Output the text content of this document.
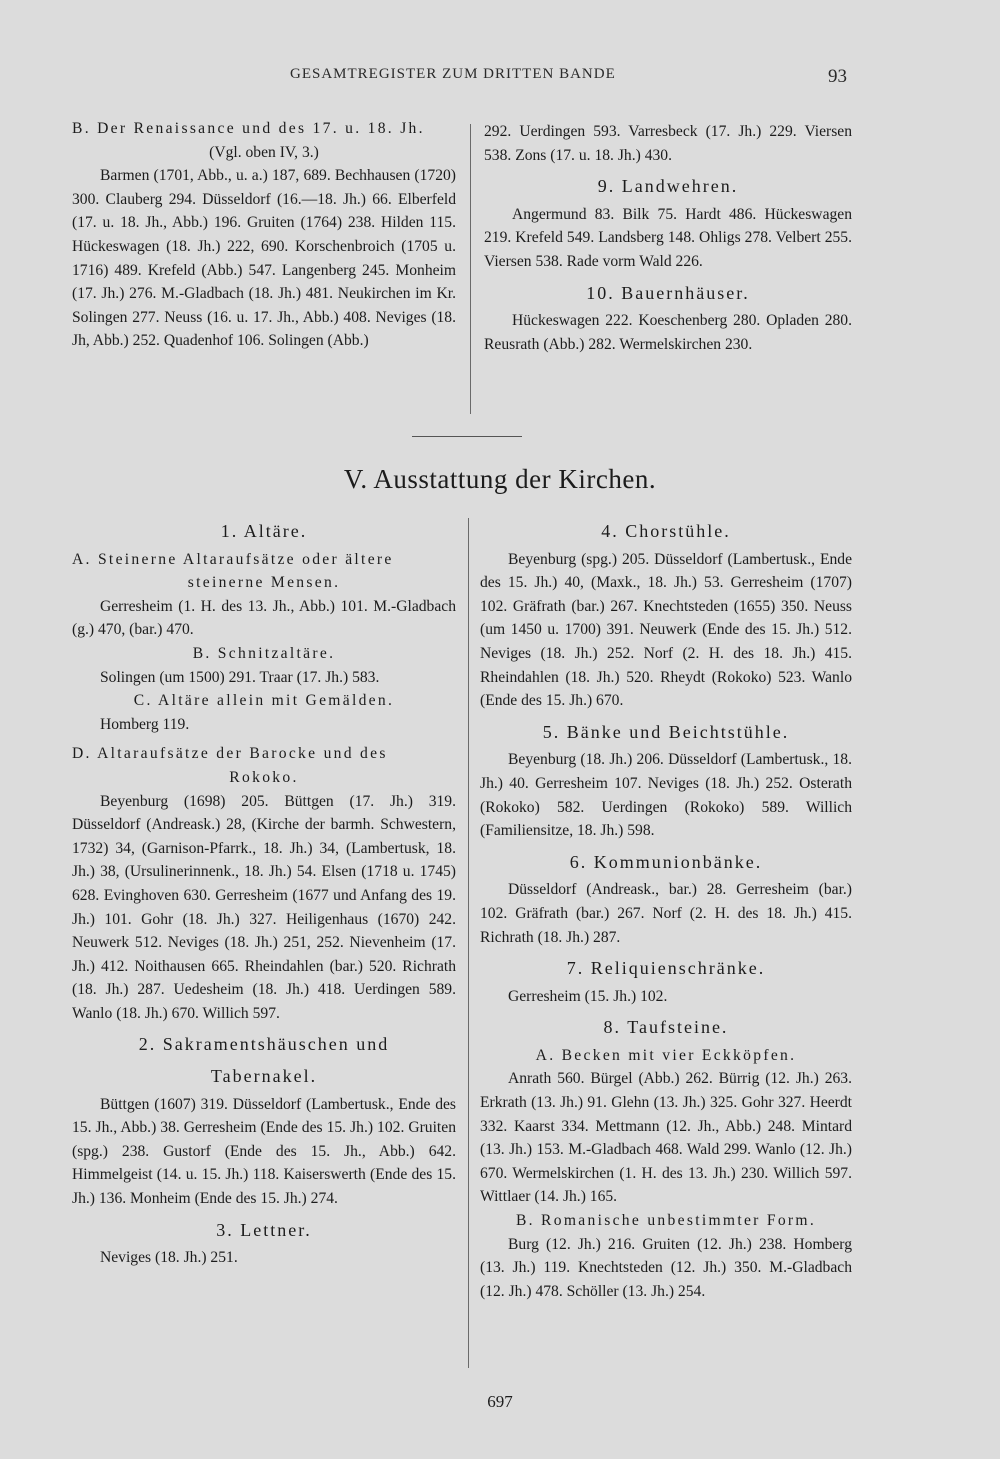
GESAMTREGISTER ZUM DRITTEN BANDE	93

B. Der Renaissance und des 17. u. 18. Jh.

(Vgl. oben IV, 3.)

Barmen (1701, Abb., u. a.) 187, 689. Bechhausen (1720) 300. Clauberg 294. Düsseldorf (16.—18. Jh.) 66. Elberfeld (17. u. 18. Jh., Abb.) 196. Gruiten (1764) 238. Hilden 115. Hückeswagen (18. Jh.) 222, 690. Korschenbroich (1705 u. 1716) 489. Krefeld (Abb.) 547. Langenberg 245. Monheim (17. Jh.) 276. M.-Gladbach (18. Jh.) 481. Neukirchen im Kr. Solingen 277. Neuss (16. u. 17. Jh., Abb.) 408. Neviges (18. Jh, Abb.) 252. Quadenhof 106. Solingen (Abb.)

292. Uerdingen 593. Varresbeck (17. Jh.) 229. Viersen 538. Zons (17. u. 18. Jh.) 430.

9. Landwehren.

Angermund 83. Bilk 75. Hardt 486. Hückeswagen 219. Krefeld 549. Landsberg 148. Ohligs 278. Velbert 255. Viersen 538. Rade vorm Wald 226.

10. Bauernhäuser.

Hückeswagen 222. Koeschenberg 280. Opladen 280. Reusrath (Abb.) 282. Wermelskirchen 230.

V. Ausstattung der Kirchen.

1. Altäre.

A. Steinerne Altaraufsätze oder ältere

steinerne Mensen.

Gerresheim (1. H. des 13. Jh., Abb.) 101. M.-Gladbach (g.) 470, (bar.) 470.

B. Schnitzaltäre.

Solingen (um 1500) 291. Traar (17. Jh.) 583.

C. Altäre allein mit Gemälden.

Homberg 119.

D. Altaraufsätze der Barocke und des

Rokoko.

Beyenburg (1698) 205. Büttgen (17. Jh.) 319. Düsseldorf (Andreask.) 28, (Kirche der barmh. Schwestern, 1732) 34, (Garnison-Pfarrk., 18. Jh.) 34, (Lambertusk, 18. Jh.) 38, (Ursulinerinnenk., 18. Jh.) 54. Elsen (1718 u. 1745) 628. Evinghoven 630. Gerresheim (1677 und Anfang des 19. Jh.) 101. Gohr (18. Jh.) 327. Heiligenhaus (1670) 242. Neuwerk 512. Neviges (18. Jh.) 251, 252. Nievenheim (17. Jh.) 412. Noithausen 665. Rheindahlen (bar.) 520. Richrath (18. Jh.) 287. Uedesheim (18. Jh.) 418. Uerdingen 589. Wanlo (18. Jh.) 670. Willich 597.

2. Sakramentshäuschen und

Tabernakel.

Büttgen (1607) 319. Düsseldorf (Lambertusk., Ende des 15. Jh., Abb.) 38. Gerresheim (Ende des 15. Jh.) 102. Gruiten (spg.) 238. Gustorf (Ende des 15. Jh., Abb.) 642. Himmelgeist (14. u. 15. Jh.) 118. Kaiserswerth (Ende des 15. Jh.) 136. Monheim (Ende des 15. Jh.) 274.

3. Lettner.

Neviges (18. Jh.) 251.

4. Chorstühle.

Beyenburg (spg.) 205. Düsseldorf (Lambertusk., Ende des 15. Jh.) 40, (Maxk., 18. Jh.) 53. Gerresheim (1707) 102. Gräfrath (bar.) 267. Knechtsteden (1655) 350. Neuss (um 1450 u. 1700) 391. Neuwerk (Ende des 15. Jh.) 512. Neviges (18. Jh.) 252. Norf (2. H. des 18. Jh.) 415. Rheindahlen (18. Jh.) 520. Rheydt (Rokoko) 523. Wanlo (Ende des 15. Jh.) 670.

5. Bänke und Beichtstühle.

Beyenburg (18. Jh.) 206. Düsseldorf (Lambertusk., 18. Jh.) 40. Gerresheim 107. Neviges (18. Jh.) 252. Osterath (Rokoko) 582. Uerdingen (Rokoko) 589. Willich (Familiensitze, 18. Jh.) 598.

6. Kommunionbänke.

Düsseldorf (Andreask., bar.) 28. Gerresheim (bar.) 102. Gräfrath (bar.) 267. Norf (2. H. des 18. Jh.) 415. Richrath (18. Jh.) 287.

7. Reliquienschränke.

Gerresheim (15. Jh.) 102.

8. Taufsteine.

A. Becken mit vier Eckköpfen.

Anrath 560. Bürgel (Abb.) 262. Bürrig (12. Jh.) 263. Erkrath (13. Jh.) 91. Glehn (13. Jh.) 325. Gohr 327. Heerdt 332. Kaarst 334. Mettmann (12. Jh., Abb.) 248. Mintard (13. Jh.) 153. M.-Gladbach 468. Wald 299. Wanlo (12. Jh.) 670. Wermelskirchen (1. H. des 13. Jh.) 230. Willich 597. Wittlaer (14. Jh.) 165.

B. Romanische unbestimmter Form.

Burg (12. Jh.) 216. Gruiten (12. Jh.) 238. Homberg (13. Jh.) 119. Knechtsteden (12. Jh.) 350. M.-Gladbach (12. Jh.) 478. Schöller (13. Jh.) 254.

697
